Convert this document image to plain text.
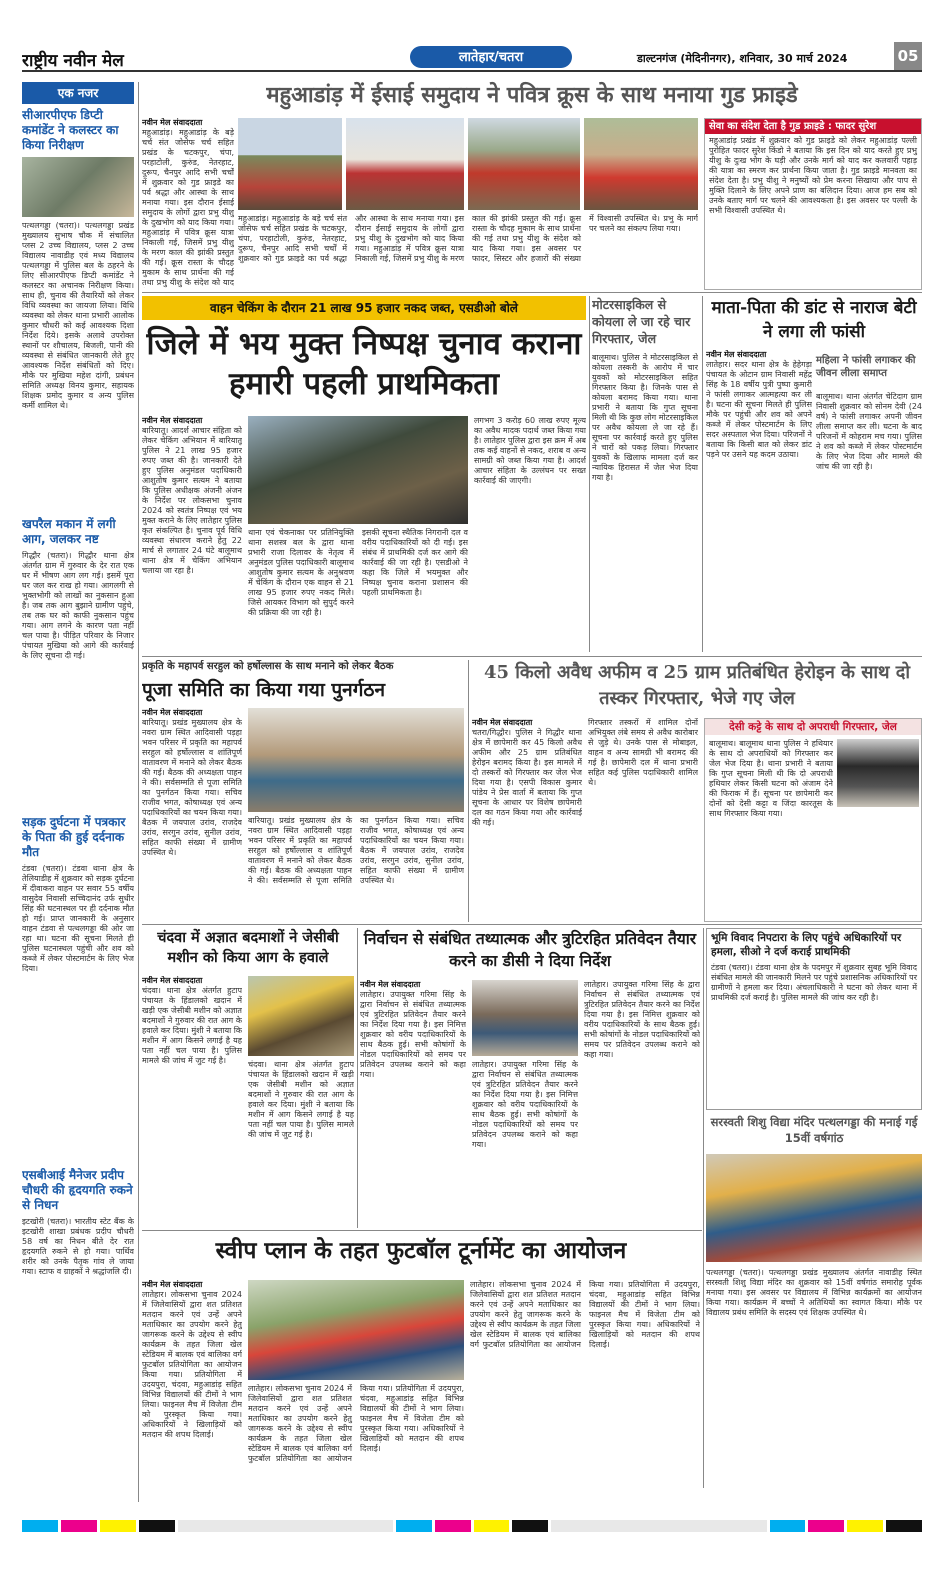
राष्ट्रीय नवीन मेल	लातेहार/चतरा	डाल्टनगंज (मेदिनीनगर), शनिवार, 30 मार्च 2024	05
एक नजर
सीआरपीएफ डिप्टी कमांडेंट ने कलस्टर का किया निरीक्षण
पत्थलगड्डा (चतरा)। पत्थलगड्डा प्रखंड मुख्यालय सुभाष चौक में संचालित प्लस 2 उच्च विद्यालय, प्लस 2 उच्च विद्यालय नावाडीह एवं मध्य विद्यालय पत्थलगड्डा में पुलिस बल के ठहरने के लिए सीआरपीएफ डिप्टी कमांडेंट ने कलस्टर का अचानक निरीक्षण किया। साथ ही, चुनाव की तैयारियों को लेकर विधि व्यवस्था का जायजा लिया। विधि व्यवस्था को लेकर थाना प्रभारी आलोक कुमार चौधरी को कई आवश्यक दिशा निर्देश दिये। इसके अलावे उपरोक्त स्थानों पर शौचालय, बिजली, पानी की व्यवस्था से संबंधित जानकारी लेते हुए आवश्यक निर्देश संबंधितों को दिए। मौके पर मुखिया महेश दांगी, प्रबंधन समिति अध्यक्ष विनय कुमार, सहायक शिक्षक प्रमोद कुमार व अन्य पुलिस कर्मी शामिल थे।
खपरैल मकान में लगी आग, जलकर नष्ट
गिद्धौर (चतरा)। गिद्धौर थाना क्षेत्र अंतर्गत ग्राम में गुरुवार के देर रात एक घर में भीषण आग लग गई। इसमें पूरा घर जल कर राख हो गया। आगलगी से भुक्तभोगी को लाखों का नुकसान हुआ है। जब तक आग बुझाने ग्रामीण पहुंचे, तब तक घर को काफी नुकसान पहुंच गया। आग लगने के कारण पता नहीं चल पाया है। पीड़ित परिवार के निजार पंचायत मुखिया को आगे की कार्रवाई के लिए सूचना दी गई।
सड़क दुर्घटना में पत्रकार के पिता की हुई दर्दनाक मौत
टंडवा (चतरा)। टंडवा थाना क्षेत्र के तेलियाडीह में शुक्रवार को सड़क दुर्घटना में दीवाकरा वाहन पर सवार 55 वर्षीय वासुदेव निवासी सच्चिदानंद उर्फ सुधीर सिंह की घटनास्थल पर ही दर्दनाक मौत हो गई। प्राप्त जानकारी के अनुसार वाहन टंडवा से पत्थलगड्डा की ओर जा रहा था। घटना की सूचना मिलते ही पुलिस घटनास्थल पहुंची और शव को कब्जे में लेकर पोस्टमार्टम के लिए भेज दिया।
एसबीआई मैनेजर प्रदीप चौधरी की हृदयगति रुकने से निधन
इटखोरी (चतरा)। भारतीय स्टेट बैंक के इटखोरी शाखा प्रबंधक प्रदीप चौधरी 58 वर्ष का निधन बीते देर रात हृदयगति रुकने से हो गया। पार्थिव शरीर को उनके पैतृक गांव ले जाया गया। स्टाफ व ग्राहकों ने श्रद्धांजलि दी।
महुआडांड़ में ईसाई समुदाय ने पवित्र क्रूस के साथ मनाया गुड फ्राइडे
नवीन मेल संवाददाता
महुआडांड़। महुआडांड़ के बड़े चर्च संत जोसेफ चर्च सहित प्रखंड के चटकपुर, चंपा, परहाटोली, कुरुंड, नेतरहाट, दुरूप, चैनपुर आदि सभी चर्चों में शुक्रवार को गुड फ्राइडे का पर्व श्रद्धा और आस्था के साथ मनाया गया। इस दौरान ईसाई समुदाय के लोगों द्वारा प्रभु यीशु के दुखभोग को याद किया गया। महुआडांड़ में पवित्र क्रूस यात्रा निकाली गई, जिसमें प्रभु यीशु के मरण काल की झांकी प्रस्तुत की गई। क्रूस रास्ता के चौदह मुकाम के साथ प्रार्थना की गई तथा प्रभु यीशु के संदेश को याद
महुआडांड़। महुआडांड़ के बड़े चर्च संत जोसेफ चर्च सहित प्रखंड के चटकपुर, चंपा, परहाटोली, कुरुंड, नेतरहाट, दुरूप, चैनपुर आदि सभी चर्चों में शुक्रवार को गुड फ्राइडे का पर्व श्रद्धा और आस्था के साथ मनाया गया। इस दौरान ईसाई समुदाय के लोगों द्वारा प्रभु यीशु के दुखभोग को याद किया गया। महुआडांड़ में पवित्र क्रूस यात्रा निकाली गई, जिसमें प्रभु यीशु के मरण काल की झांकी प्रस्तुत की गई। क्रूस रास्ता के चौदह मुकाम के साथ प्रार्थना की गई तथा प्रभु यीशु के संदेश को याद किया गया। इस अवसर पर फादर, सिस्टर और हजारों की संख्या में विश्वासी उपस्थित थे। प्रभु के मार्ग पर चलने का संकल्प लिया गया।
सेवा का संदेश देता है गुड फ्राइडे : फादर सुरेश
महुआडांड़ प्रखंड में शुक्रवार को गुड फ्राइडे को लेकर महुआडांड़ पल्ली पुरोहित फादर सुरेश किंडो ने बताया कि इस दिन को याद करते हुए प्रभु यीशु के दुःख भोग के घड़ी और उनके मार्ग को याद कर कलवारी पहाड़ की यात्रा का स्मरण कर प्रार्थना किया जाता है। गुड फ्राइडे मानवता का संदेश देता है। प्रभु यीशु ने मनुष्यों को प्रेम करना सिखाया और पाप से मुक्ति दिलाने के लिए अपने प्राण का बलिदान दिया। आज हम सब को उनके बताए मार्ग पर चलने की आवश्यकता है। इस अवसर पर पल्ली के सभी विश्वासी उपस्थित थे।
वाहन चेकिंग के दौरान 21 लाख 95 हजार नकद जब्त, एसडीओ बोले
जिले में भय मुक्त निष्पक्ष चुनाव कराना हमारी पहली प्राथमिकता
नवीन मेल संवाददाता
बारियातू। आदर्श आचार संहिता को लेकर चेकिंग अभियान में बारियातू पुलिस ने 21 लाख 95 हजार रुपए जब्त की है। जानकारी देते हुए पुलिस अनुमंडल पदाधिकारी आशुतोष कुमार सत्यम ने बताया कि पुलिस अधीक्षक अंजनी अंजन के निर्देश पर लोकसभा चुनाव 2024 को स्वतंत्र निष्पक्ष एवं भय मुक्त कराने के लिए लातेहार पुलिस कृत संकल्पित है। चुनाव पूर्व विधि व्यवस्था संधारण कराने हेतु 22 मार्च से लगातार 24 घंटे बालूमाथ थाना क्षेत्र में चेकिंग अभियान चलाया जा रहा है।
थाना एवं चेकनाका पर प्रतिनियुक्ति थाना सशस्त्र बल के द्वारा थाना प्रभारी राजा दिलावर के नेतृत्व में अनुमंडल पुलिस पदाधिकारी बालूमाथ आशुतोष कुमार सत्यम के अनुश्रवण में चेकिंग के दौरान एक वाहन से 21 लाख 95 हजार रुपए नकद मिले। जिसे आयकर विभाग को सुपुर्द करने की प्रक्रिया की जा रही है।
इसकी सूचना स्थैतिक निगरानी दल व वरीय पदाधिकारियों को दी गई। इस संबंध में प्राथमिकी दर्ज कर आगे की कार्रवाई की जा रही है। एसडीओ ने कहा कि जिले में भयमुक्त और निष्पक्ष चुनाव कराना प्रशासन की पहली प्राथमिकता है।
लगभग 3 करोड़ 60 लाख रुपए मूल्य का अवैध मादक पदार्थ जब्त किया गया है। लातेहार पुलिस द्वारा इस क्रम में अब तक कई वाहनों से नकद, शराब व अन्य सामग्री को जब्त किया गया है। आदर्श आचार संहिता के उल्लंघन पर सख्त कार्रवाई की जाएगी।
मोटरसाइकिल से कोयला ले जा रहे चार गिरफ्तार, जेल
बालूमाथ। पुलिस ने मोटरसाइकिल से कोयला तस्करी के आरोप में चार युवकों को मोटरसाइकिल सहित गिरफ्तार किया है। जिनके पास से कोयला बरामद किया गया। थाना प्रभारी ने बताया कि गुप्त सूचना मिली थी कि कुछ लोग मोटरसाइकिल पर अवैध कोयला ले जा रहे हैं। सूचना पर कार्रवाई करते हुए पुलिस ने चारों को पकड़ लिया। गिरफ्तार युवकों के खिलाफ मामला दर्ज कर न्यायिक हिरासत में जेल भेज दिया गया है।
माता-पिता की डांट से नाराज बेटी ने लगा ली फांसी
नवीन मेल संवाददाता
लातेहार। सदर थाना क्षेत्र के हेहेगड़ा पंचायत के ओटान ग्राम निवासी महेंद्र सिंह के 18 वर्षीय पुत्री पुष्पा कुमारी ने फांसी लगाकर आत्महत्या कर ली है। घटना की सूचना मिलते ही पुलिस मौके पर पहुंची और शव को अपने कब्जे में लेकर पोस्टमार्टम के लिए सदर अस्पताल भेज दिया। परिजनों ने बताया कि किसी बात को लेकर डांट पड़ने पर उसने यह कदम उठाया।
महिला ने फांसी लगाकर की जीवन लीला समाप्त
बालूमाथ। थाना अंतर्गत चेटिदाग ग्राम निवासी शुक्रवार को सोनम देवी (24 वर्ष) ने फांसी लगाकर अपनी जीवन लीला समाप्त कर ली। घटना के बाद परिजनों में कोहराम मच गया। पुलिस ने शव को कब्जे में लेकर पोस्टमार्टम के लिए भेज दिया और मामले की जांच की जा रही है।
प्रकृति के महापर्व सरहुल को हर्षोल्लास के साथ मनाने को लेकर बैठक
पूजा समिति का किया गया पुनर्गठन
नवीन मेल संवाददाता
बारियातू। प्रखंड मुख्यालय क्षेत्र के नवरा ग्राम स्थित आदिवासी पड़हा भवन परिसर में प्रकृति का महापर्व सरहुल को हर्षोल्लास व शांतिपूर्ण वातावरण में मनाने को लेकर बैठक की गई। बैठक की अध्यक्षता पाहन ने की। सर्वसम्मति से पूजा समिति का पुनर्गठन किया गया। सचिव राजीव भगत, कोषाध्यक्ष एवं अन्य पदाधिकारियों का चयन किया गया। बैठक में जयपाल उरांव, राजदेव उरांव, सरगुन उरांव, सुनील उरांव, सहित काफी संख्या में ग्रामीण उपस्थित थे।
बारियातू। प्रखंड मुख्यालय क्षेत्र के नवरा ग्राम स्थित आदिवासी पड़हा भवन परिसर में प्रकृति का महापर्व सरहुल को हर्षोल्लास व शांतिपूर्ण वातावरण में मनाने को लेकर बैठक की गई। बैठक की अध्यक्षता पाहन ने की। सर्वसम्मति से पूजा समिति का पुनर्गठन किया गया। सचिव राजीव भगत, कोषाध्यक्ष एवं अन्य पदाधिकारियों का चयन किया गया। बैठक में जयपाल उरांव, राजदेव उरांव, सरगुन उरांव, सुनील उरांव, सहित काफी संख्या में ग्रामीण उपस्थित थे।
45 किलो अवैध अफीम व 25 ग्राम प्रतिबंधित हेरोइन के साथ दो तस्कर गिरफ्तार, भेजे गए जेल
नवीन मेल संवाददाता
चतरा/गिद्धौर। पुलिस ने गिद्धौर थाना क्षेत्र में छापेमारी कर 45 किलो अवैध अफीम और 25 ग्राम प्रतिबंधित हेरोइन बरामद किया है। इस मामले में दो तस्करों को गिरफ्तार कर जेल भेज दिया गया है। एसपी विकास कुमार पांडेय ने प्रेस वार्ता में बताया कि गुप्त सूचना के आधार पर विशेष छापेमारी दल का गठन किया गया और कार्रवाई की गई।
गिरफ्तार तस्करों में शामिल दोनों अभियुक्त लंबे समय से अवैध कारोबार से जुड़े थे। उनके पास से मोबाइल, वाहन व अन्य सामग्री भी बरामद की गई है। छापेमारी दल में थाना प्रभारी सहित कई पुलिस पदाधिकारी शामिल थे।
देसी कट्टे के साथ दो अपराधी गिरफ्तार, जेल
बालूमाथ। बालूमाथ थाना पुलिस ने हथियार के साथ दो अपराधियों को गिरफ्तार कर जेल भेज दिया है। थाना प्रभारी ने बताया कि गुप्त सूचना मिली थी कि दो अपराधी हथियार लेकर किसी घटना को अंजाम देने की फिराक में हैं। सूचना पर छापेमारी कर दोनों को देसी कट्टा व जिंदा कारतूस के साथ गिरफ्तार किया गया।
चंदवा में अज्ञात बदमाशों ने जेसीबी मशीन को किया आग के हवाले
नवीन मेल संवाददाता
चंदवा। थाना क्षेत्र अंतर्गत हुटाप पंचायत के हिंडालको खदान में खड़ी एक जेसीबी मशीन को अज्ञात बदमाशों ने गुरुवार की रात आग के हवाले कर दिया। मुंशी ने बताया कि मशीन में आग किसने लगाई है यह पता नहीं चल पाया है। पुलिस मामले की जांच में जुट गई है।	चंदवा। थाना क्षेत्र अंतर्गत हुटाप पंचायत के हिंडालको खदान में खड़ी एक जेसीबी मशीन को अज्ञात बदमाशों ने गुरुवार की रात आग के हवाले कर दिया। मुंशी ने बताया कि मशीन में आग किसने लगाई है यह पता नहीं चल पाया है। पुलिस मामले की जांच में जुट गई है।
निर्वाचन से संबंधित तथ्यात्मक और त्रुटिरहित प्रतिवेदन तैयार करने का डीसी ने दिया निर्देश
नवीन मेल संवाददाता
लातेहार। उपायुक्त गरिमा सिंह के द्वारा निर्वाचन से संबंधित तथ्यात्मक एवं त्रुटिरहित प्रतिवेदन तैयार करने का निर्देश दिया गया है। इस निमित्त शुक्रवार को वरीय पदाधिकारियों के साथ बैठक हुई। सभी कोषांगों के नोडल पदाधिकारियों को समय पर प्रतिवेदन उपलब्ध कराने को कहा गया।
लातेहार। उपायुक्त गरिमा सिंह के द्वारा निर्वाचन से संबंधित तथ्यात्मक एवं त्रुटिरहित प्रतिवेदन तैयार करने का निर्देश दिया गया है। इस निमित्त शुक्रवार को वरीय पदाधिकारियों के साथ बैठक हुई। सभी कोषांगों के नोडल पदाधिकारियों को समय पर प्रतिवेदन उपलब्ध कराने को कहा गया।
लातेहार। उपायुक्त गरिमा सिंह के द्वारा निर्वाचन से संबंधित तथ्यात्मक एवं त्रुटिरहित प्रतिवेदन तैयार करने का निर्देश दिया गया है। इस निमित्त शुक्रवार को वरीय पदाधिकारियों के साथ बैठक हुई। सभी कोषांगों के नोडल पदाधिकारियों को समय पर प्रतिवेदन उपलब्ध कराने को कहा गया।
भूमि विवाद निपटारा के लिए पहुंचे अधिकारियों पर हमला, सीओ ने दर्ज कराई प्राथमिकी
टंडवा (चतरा)। टंडवा थाना क्षेत्र के पदमपुर में शुक्रवार सुबह भूमि विवाद संबंधित मामले की जानकारी मिलने पर पहुंचे प्रशासनिक अधिकारियों पर ग्रामीणों ने हमला कर दिया। अंचलाधिकारी ने घटना को लेकर थाना में प्राथमिकी दर्ज कराई है। पुलिस मामले की जांच कर रही है।
सरस्वती शिशु विद्या मंदिर पत्थलगड्डा की मनाई गई 15वीं वर्षगांठ
पत्थलगड्डा (चतरा)। पत्थलगड्डा प्रखंड मुख्यालय अंतर्गत नावाडीह स्थित सरस्वती शिशु विद्या मंदिर का शुक्रवार को 15वीं वर्षगांठ समारोह पूर्वक मनाया गया। इस अवसर पर विद्यालय में विभिन्न कार्यक्रमों का आयोजन किया गया। कार्यक्रम में बच्चों ने अतिथियों का स्वागत किया। मौके पर विद्यालय प्रबंध समिति के सदस्य एवं शिक्षक उपस्थित थे।
स्वीप प्लान के तहत फुटबॉल टूर्नामेंट का आयोजन
नवीन मेल संवाददाता
लातेहार। लोकसभा चुनाव 2024 में जिलेवासियों द्वारा शत प्रतिशत मतदान करने एवं उन्हें अपने मताधिकार का उपयोग करने हेतु जागरूक करने के उद्देश्य से स्वीप कार्यक्रम के तहत जिला खेल स्टेडियम में बालक एवं बालिका वर्ग फुटबॉल प्रतियोगिता का आयोजन किया गया। प्रतियोगिता में उदयपुरा, चंदवा, महुआडांड़ सहित विभिन्न विद्यालयों की टीमों ने भाग लिया। फाइनल मैच में विजेता टीम को पुरस्कृत किया गया। अधिकारियों ने खिलाड़ियों को मतदान की शपथ दिलाई।
लातेहार। लोकसभा चुनाव 2024 में जिलेवासियों द्वारा शत प्रतिशत मतदान करने एवं उन्हें अपने मताधिकार का उपयोग करने हेतु जागरूक करने के उद्देश्य से स्वीप कार्यक्रम के तहत जिला खेल स्टेडियम में बालक एवं बालिका वर्ग फुटबॉल प्रतियोगिता का आयोजन किया गया। प्रतियोगिता में उदयपुरा, चंदवा, महुआडांड़ सहित विभिन्न विद्यालयों की टीमों ने भाग लिया। फाइनल मैच में विजेता टीम को पुरस्कृत किया गया। अधिकारियों ने खिलाड़ियों को मतदान की शपथ दिलाई।
लातेहार। लोकसभा चुनाव 2024 में जिलेवासियों द्वारा शत प्रतिशत मतदान करने एवं उन्हें अपने मताधिकार का उपयोग करने हेतु जागरूक करने के उद्देश्य से स्वीप कार्यक्रम के तहत जिला खेल स्टेडियम में बालक एवं बालिका वर्ग फुटबॉल प्रतियोगिता का आयोजन किया गया। प्रतियोगिता में उदयपुरा, चंदवा, महुआडांड़ सहित विभिन्न विद्यालयों की टीमों ने भाग लिया। फाइनल मैच में विजेता टीम को पुरस्कृत किया गया। अधिकारियों ने खिलाड़ियों को मतदान की शपथ दिलाई।
